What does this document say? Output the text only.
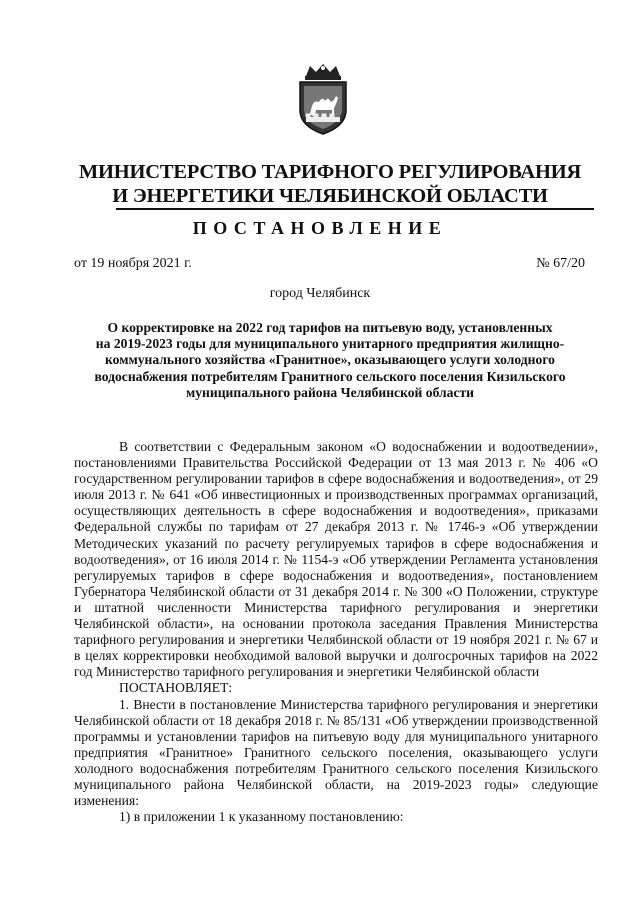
МИНИСТЕРСТВО ТАРИФНОГО РЕГУЛИРОВАНИЯ
И ЭНЕРГЕТИКИ ЧЕЛЯБИНСКОЙ ОБЛАСТИ
ПОСТАНОВЛЕНИЕ
от 19 ноября 2021 г.	№ 67/20
город Челябинск
О корректировке на 2022 год тарифов на питьевую воду, установленных
на 2019-2023 годы для муниципального унитарного предприятия жилищно-
коммунального хозяйства «Гранитное», оказывающего услуги холодного
водоснабжения потребителям Гранитного сельского поселения Кизильского
муниципального района Челябинской области

В соответствии с Федеральным законом «О водоснабжении и водоотведении», постановлениями Правительства Российской Федерации от 13 мая 2013 г. № 406 «О государственном регулировании тарифов в сфере водоснабжения и водоотведения», от 29 июля 2013 г. № 641 «Об инвестиционных и производственных программах организаций, осуществляющих деятельность в сфере водоснабжения и водоотведения», приказами Федеральной службы по тарифам от 27 декабря 2013 г. № 1746-э «Об утверждении Методических указаний по расчету регулируемых тарифов в сфере водоснабжения и водоотведения», от 16 июля 2014 г. № 1154-э «Об утверждении Регламента установления регулируемых тарифов в сфере водоснабжения и водоотведения», постановлением Губернатора Челябинской области от 31 декабря 2014 г. № 300 «О Положении, структуре и штатной численности Министерства тарифного регулирования и энергетики Челябинской области», на основании протокола заседания Правления Министерства тарифного регулирования и энергетики Челябинской области от 19 ноября 2021 г. № 67 и в целях корректировки необходимой валовой выручки и долгосрочных тарифов на 2022 год Министерство тарифного регулирования и энергетики Челябинской области

ПОСТАНОВЛЯЕТ:

1. Внести в постановление Министерства тарифного регулирования и энергетики Челябинской области от 18 декабря 2018 г. № 85/131 «Об утверждении производственной программы и установлении тарифов на питьевую воду для муниципального унитарного предприятия «Гранитное» Гранитного сельского поселения, оказывающего услуги холодного водоснабжения потребителям Гранитного сельского поселения Кизильского муниципального района Челябинской области, на 2019-2023 годы» следующие изменения:

1) в приложении 1 к указанному постановлению:
